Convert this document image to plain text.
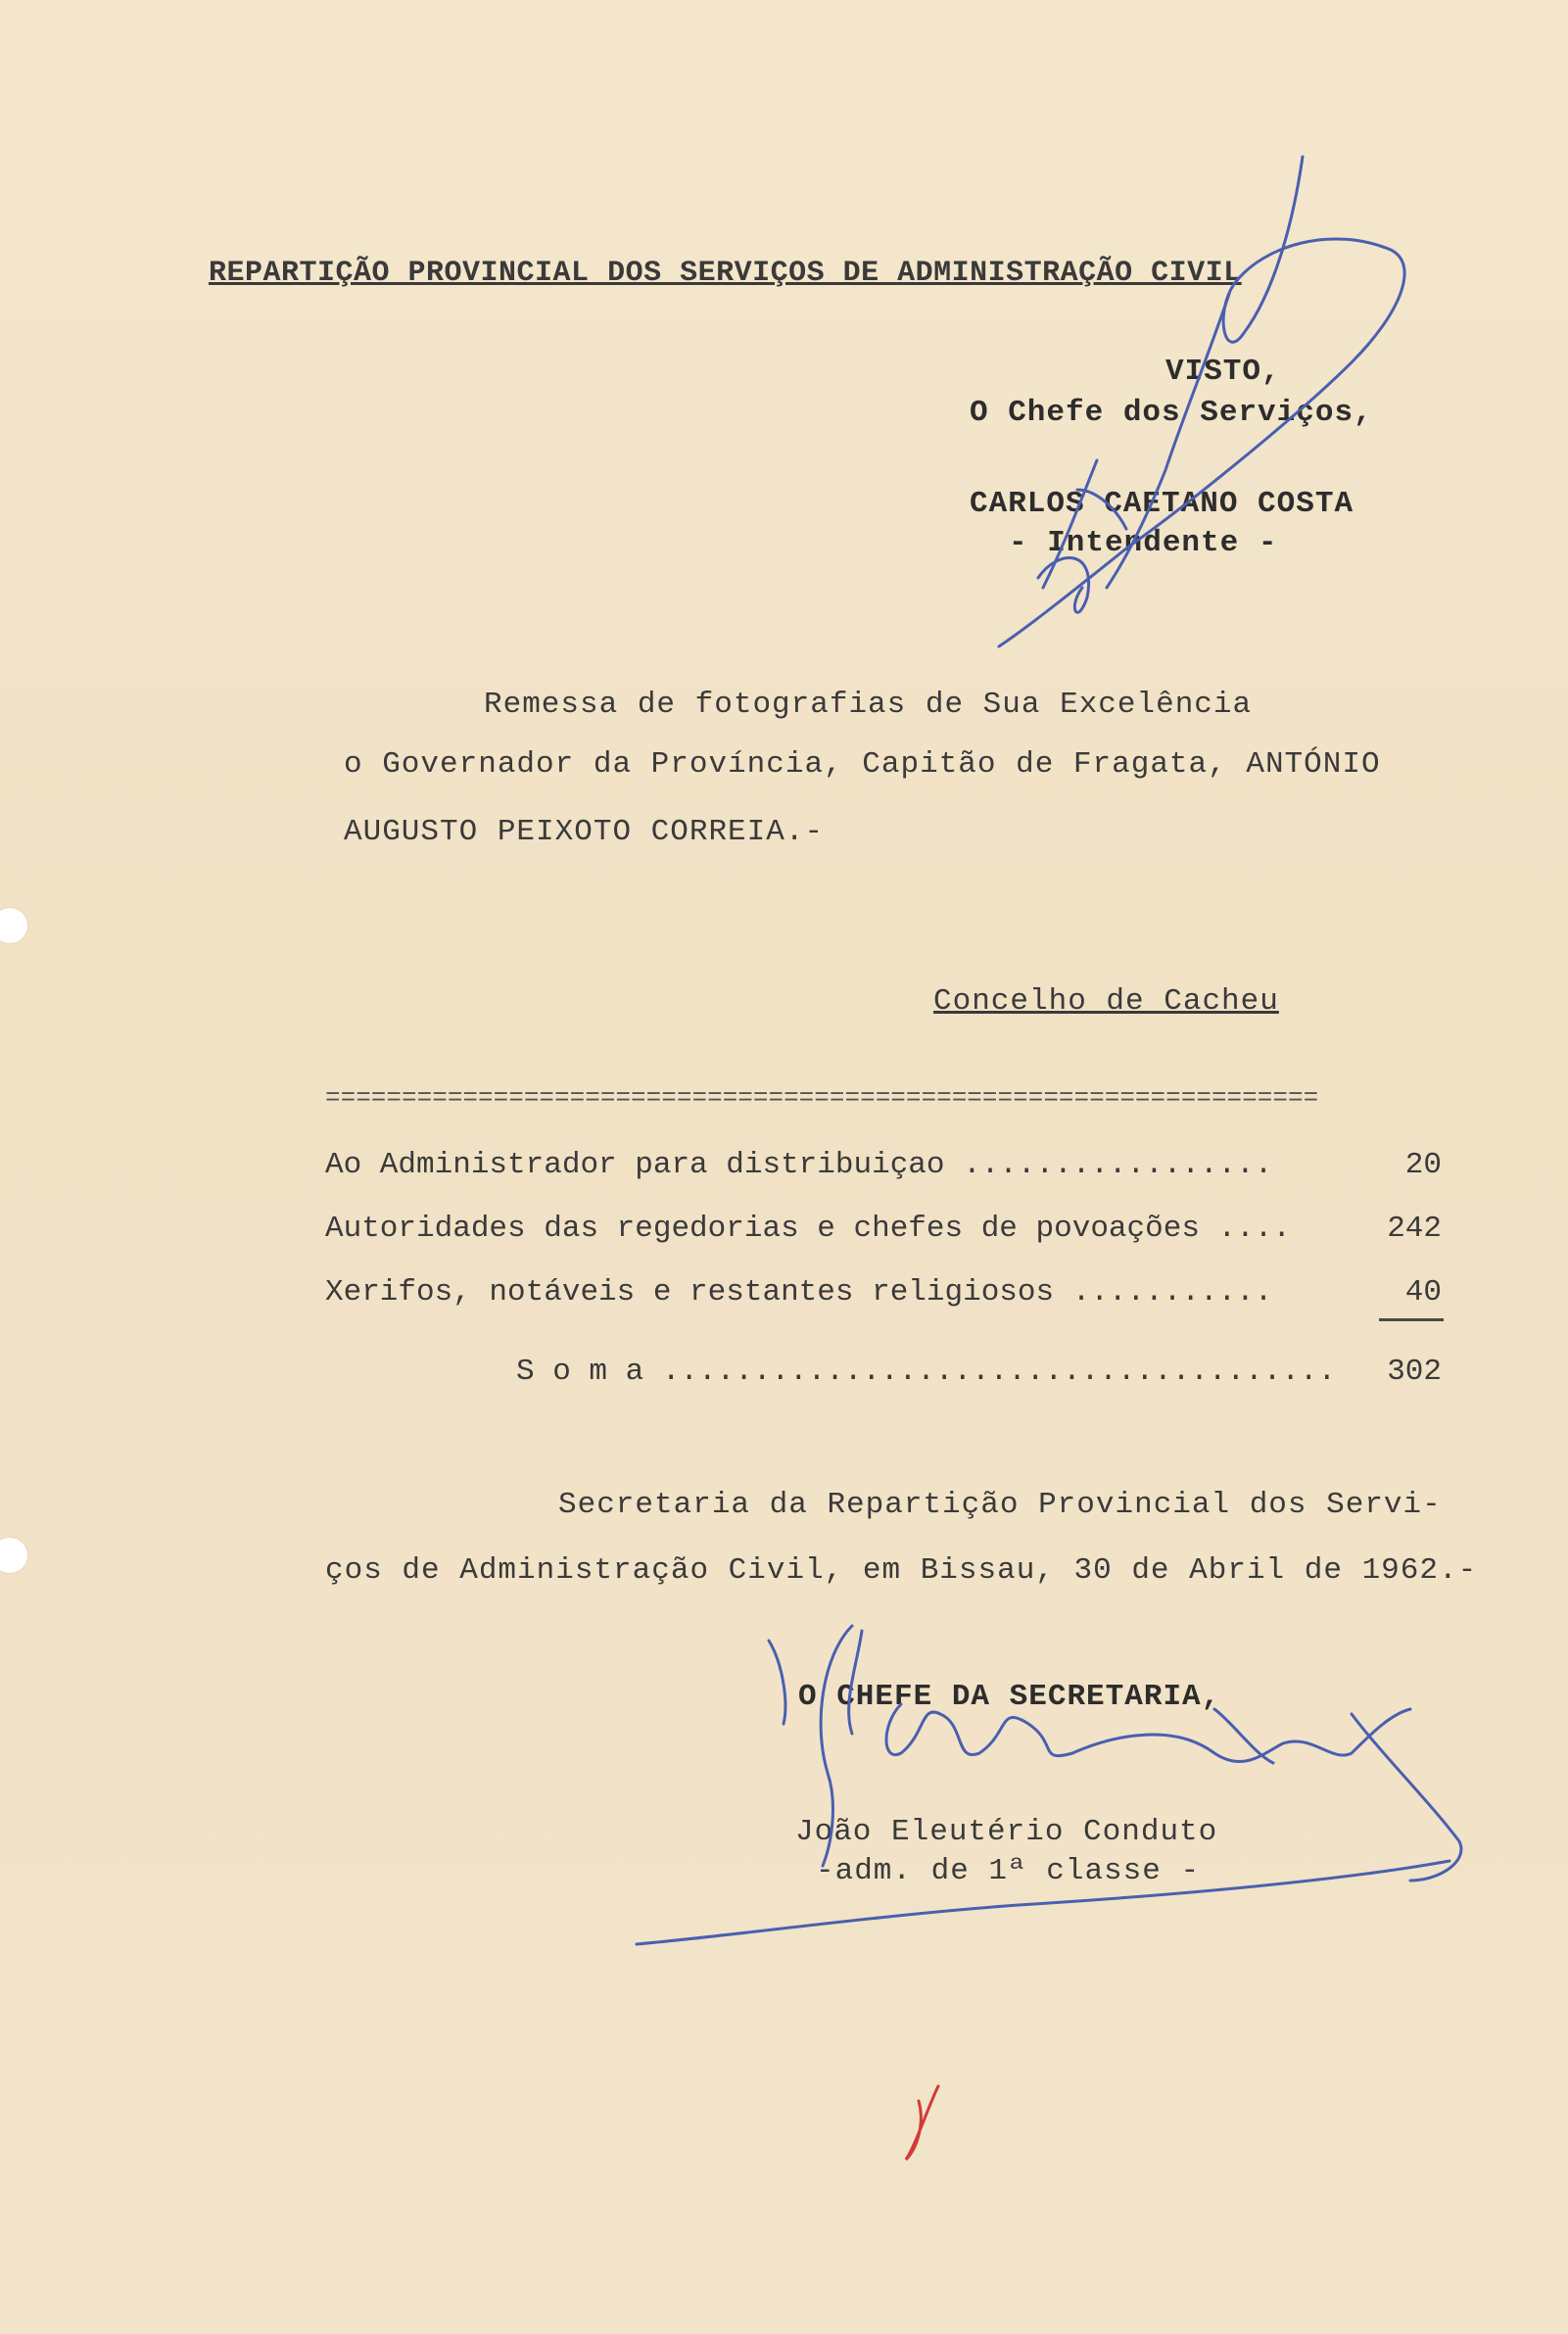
REPARTIÇÃO PROVINCIAL DOS SERVIÇOS DE ADMINISTRAÇÃO CIVIL
VISTO,
O Chefe dos Serviços,
CARLOS CAETANO COSTA
- Intendente -
Remessa de fotografias de Sua Excelência
o Governador da Província, Capitão de Fragata, ANTÓNIO
AUGUSTO PEIXOTO CORREIA.-
Concelho de Cacheu
=================================================================
Ao Administrador para distribuiçao .................	20
Autoridades das regedorias e chefes de povoações ....	242
Xerifos, notáveis e restantes religiosos ...........	40
S o m a ..................................... 302
Secretaria da Repartição Provincial dos Servi-
ços de Administração Civil, em Bissau, 30 de Abril de 1962.-
O CHEFE DA SECRETARIA,
João Eleutério Conduto
-adm. de 1ª classe -
